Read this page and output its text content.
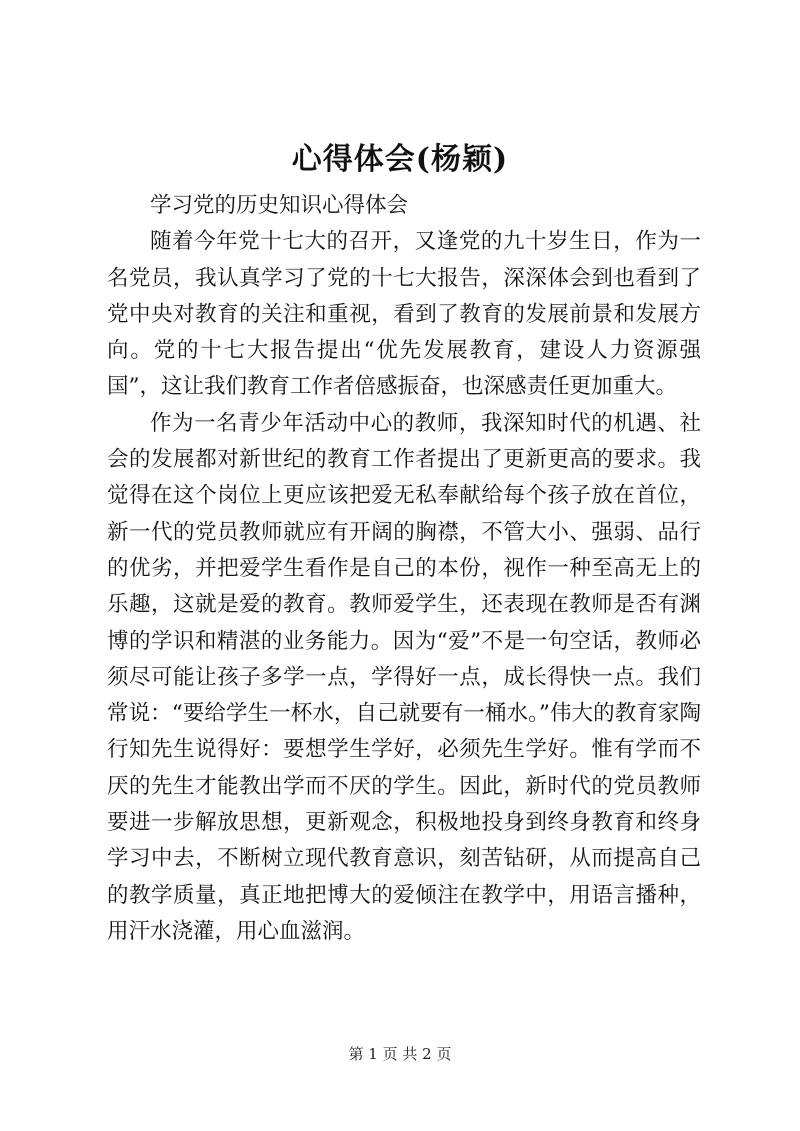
心得体会(杨颖)

学习党的历史知识心得体会

随着今年党十七大的召开，又逢党的九十岁生日，作为一名党员，我认真学习了党的十七大报告，深深体会到也看到了党中央对教育的关注和重视，看到了教育的发展前景和发展方向。党的十七大报告提出“优先发展教育，建设人力资源强国”，这让我们教育工作者倍感振奋，也深感责任更加重大。

作为一名青少年活动中心的教师，我深知时代的机遇、社会的发展都对新世纪的教育工作者提出了更新更高的要求。我觉得在这个岗位上更应该把爱无私奉献给每个孩子放在首位，新一代的党员教师就应有开阔的胸襟，不管大小、强弱、品行的优劣，并把爱学生看作是自己的本份，视作一种至高无上的乐趣，这就是爱的教育。教师爱学生，还表现在教师是否有渊博的学识和精湛的业务能力。因为“爱”不是一句空话，教师必须尽可能让孩子多学一点，学得好一点，成长得快一点。我们常说：“要给学生一杯水，自己就要有一桶水。”伟大的教育家陶行知先生说得好：要想学生学好，必须先生学好。惟有学而不厌的先生才能教出学而不厌的学生。因此，新时代的党员教师要进一步解放思想，更新观念，积极地投身到终身教育和终身学习中去，不断树立现代教育意识，刻苦钻研，从而提高自己的教学质量，真正地把博大的爱倾注在教学中，用语言播种，用汗水浇灌，用心血滋润。

第 1 页 共 2 页
